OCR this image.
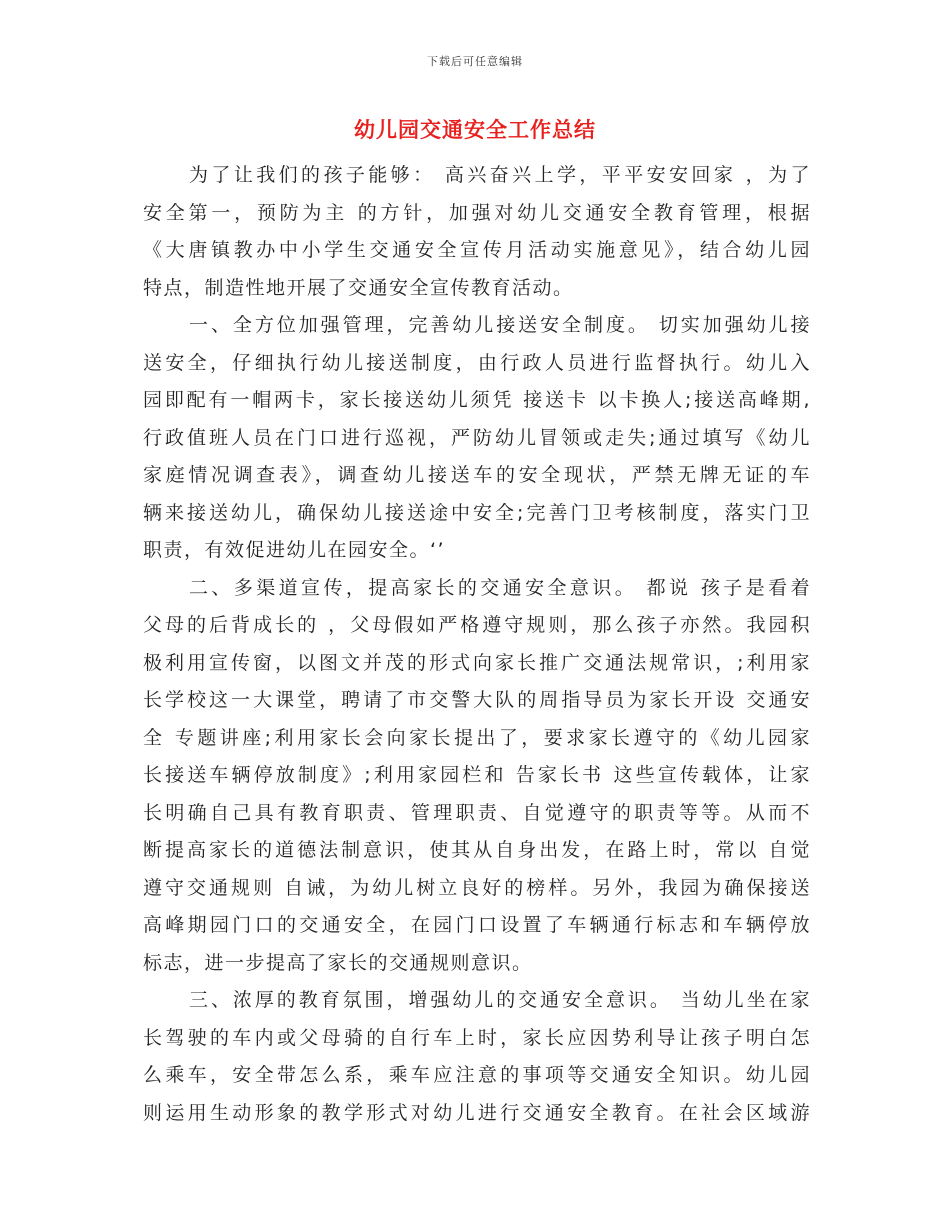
下载后可任意编辑
幼儿园交通安全工作总结
为了让我们的孩子能够： 高兴奋兴上学，平平安安回家 ，为了
安全第一，预防为主 的方针，加强对幼儿交通安全教育管理，根据
《大唐镇教办中小学生交通安全宣传月活动实施意见》，结合幼儿园
特点，制造性地开展了交通安全宣传教育活动。
一、全方位加强管理，完善幼儿接送安全制度。 切实加强幼儿接
送安全，仔细执行幼儿接送制度，由行政人员进行监督执行。幼儿入
园即配有一帽两卡，家长接送幼儿须凭 接送卡 以卡换人;接送高峰期,
行政值班人员在门口进行巡视，严防幼儿冒领或走失;通过填写《幼儿
家庭情况调查表》，调查幼儿接送车的安全现状，严禁无牌无证的车
辆来接送幼儿，确保幼儿接送途中安全;完善门卫考核制度，落实门卫
职责，有效促进幼儿在园安全。‘’
二、多渠道宣传，提高家长的交通安全意识。 都说 孩子是看着
父母的后背成长的 ，父母假如严格遵守规则，那么孩子亦然。我园积
极利用宣传窗，以图文并茂的形式向家长推广交通法规常识，;利用家
长学校这一大课堂，聘请了市交警大队的周指导员为家长开设 交通安
全 专题讲座;利用家长会向家长提出了，要求家长遵守的《幼儿园家
长接送车辆停放制度》;利用家园栏和 告家长书 这些宣传载体，让家
长明确自己具有教育职责、管理职责、自觉遵守的职责等等。从而不
断提高家长的道德法制意识，使其从自身出发，在路上时，常以 自觉
遵守交通规则 自诫，为幼儿树立良好的榜样。另外，我园为确保接送
高峰期园门口的交通安全，在园门口设置了车辆通行标志和车辆停放
标志，进一步提高了家长的交通规则意识。
三、浓厚的教育氛围，增强幼儿的交通安全意识。 当幼儿坐在家
长驾驶的车内或父母骑的自行车上时，家长应因势利导让孩子明白怎
么乘车，安全带怎么系，乘车应注意的事项等交通安全知识。幼儿园
则运用生动形象的教学形式对幼儿进行交通安全教育。在社会区域游
